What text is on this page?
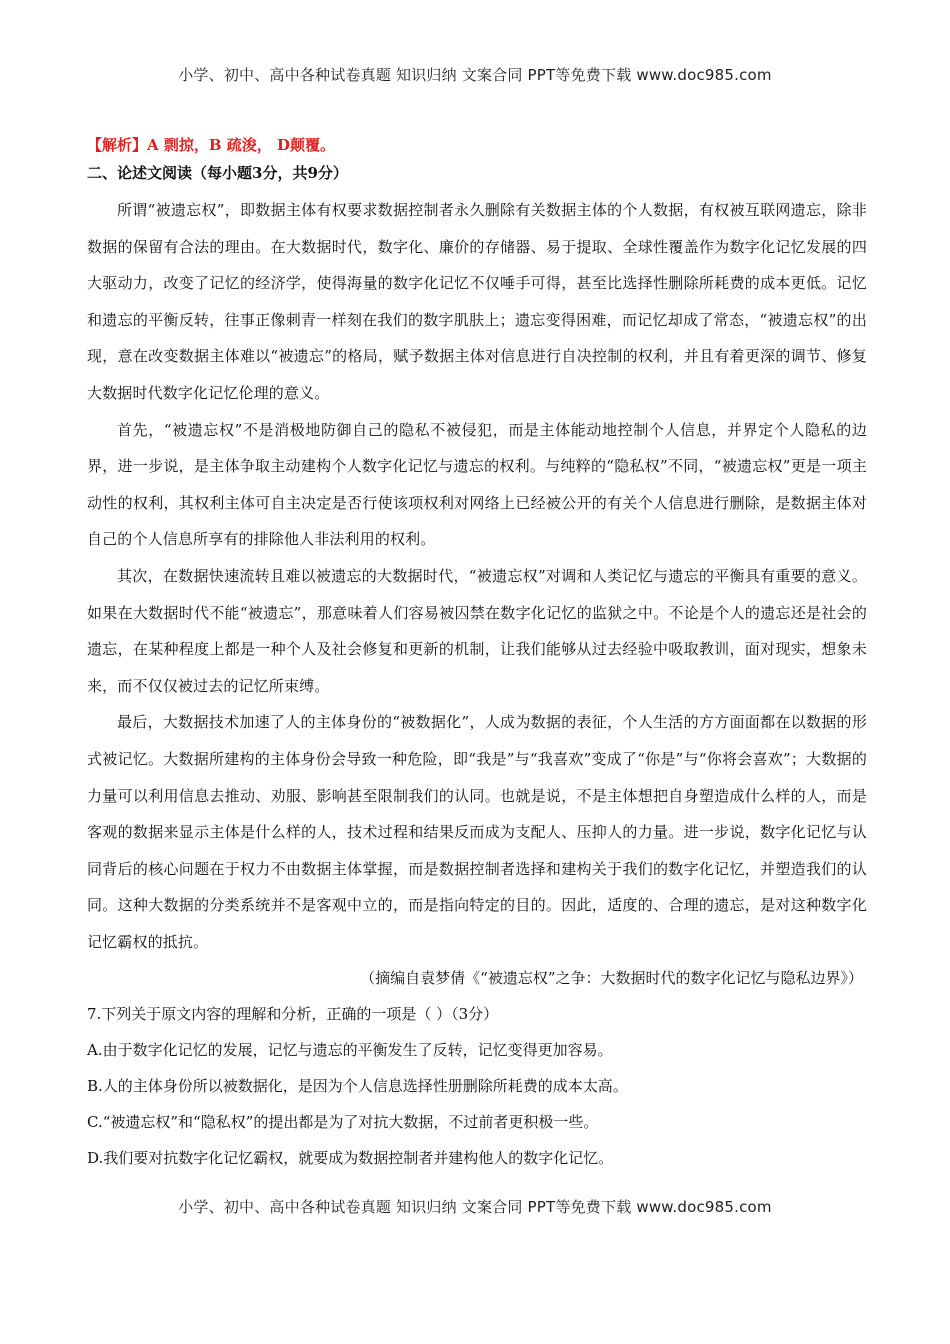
小学、初中、高中各种试卷真题 知识归纳 文案合同 PPT等免费下载 www.doc985.com

【解析】A 剽掠，B 疏浚， D颠覆。

二、论述文阅读（每小题3分，共9分）

所谓“被遗忘权”，即数据主体有权要求数据控制者永久删除有关数据主体的个人数据，有权被互联网遗忘，除非数据的保留有合法的理由。在大数据时代，数字化、廉价的存储器、易于提取、全球性覆盖作为数字化记忆发展的四大驱动力，改变了记忆的经济学，使得海量的数字化记忆不仅唾手可得，甚至比选择性删除所耗费的成本更低。记忆和遗忘的平衡反转，往事正像刺青一样刻在我们的数字肌肤上；遗忘变得困难，而记忆却成了常态，“被遗忘权”的出现，意在改变数据主体难以“被遗忘”的格局，赋予数据主体对信息进行自决控制的权利，并且有着更深的调节、修复大数据时代数字化记忆伦理的意义。

首先，“被遗忘权”不是消极地防御自己的隐私不被侵犯，而是主体能动地控制个人信息，并界定个人隐私的边界，进一步说，是主体争取主动建构个人数字化记忆与遗忘的权利。与纯粹的“隐私权”不同，“被遗忘权”更是一项主动性的权利，其权利主体可自主决定是否行使该项权利对网络上已经被公开的有关个人信息进行删除，是数据主体对自己的个人信息所享有的排除他人非法利用的权利。

其次，在数据快速流转且难以被遗忘的大数据时代，“被遗忘权”对调和人类记忆与遗忘的平衡具有重要的意义。如果在大数据时代不能“被遗忘”，那意味着人们容易被囚禁在数字化记忆的监狱之中。不论是个人的遗忘还是社会的遗忘，在某种程度上都是一种个人及社会修复和更新的机制，让我们能够从过去经验中吸取教训，面对现实，想象未来，而不仅仅被过去的记忆所束缚。

最后，大数据技术加速了人的主体身份的“被数据化”，人成为数据的表征，个人生活的方方面面都在以数据的形式被记忆。大数据所建构的主体身份会导致一种危险，即“我是”与“我喜欢”变成了“你是”与“你将会喜欢”；大数据的力量可以利用信息去推动、劝服、影响甚至限制我们的认同。也就是说，不是主体想把自身塑造成什么样的人，而是客观的数据来显示主体是什么样的人，技术过程和结果反而成为支配人、压抑人的力量。进一步说，数字化记忆与认同背后的核心问题在于权力不由数据主体掌握，而是数据控制者选择和建构关于我们的数字化记忆，并塑造我们的认同。这种大数据的分类系统并不是客观中立的，而是指向特定的目的。因此，适度的、合理的遗忘，是对这种数字化记忆霸权的抵抗。

（摘编自袁梦倩《“被遗忘权”之争：大数据时代的数字化记忆与隐私边界》）

7.下列关于原文内容的理解和分析，正确的一项是（ ）（3分）

A.由于数字化记忆的发展，记忆与遗忘的平衡发生了反转，记忆变得更加容易。

B.人的主体身份所以被数据化，是因为个人信息选择性册删除所耗费的成本太高。

C.“被遗忘权”和“隐私权”的提出都是为了对抗大数据，不过前者更积极一些。

D.我们要对抗数字化记忆霸权，就要成为数据控制者并建构他人的数字化记忆。

小学、初中、高中各种试卷真题 知识归纳 文案合同 PPT等免费下载 www.doc985.com
